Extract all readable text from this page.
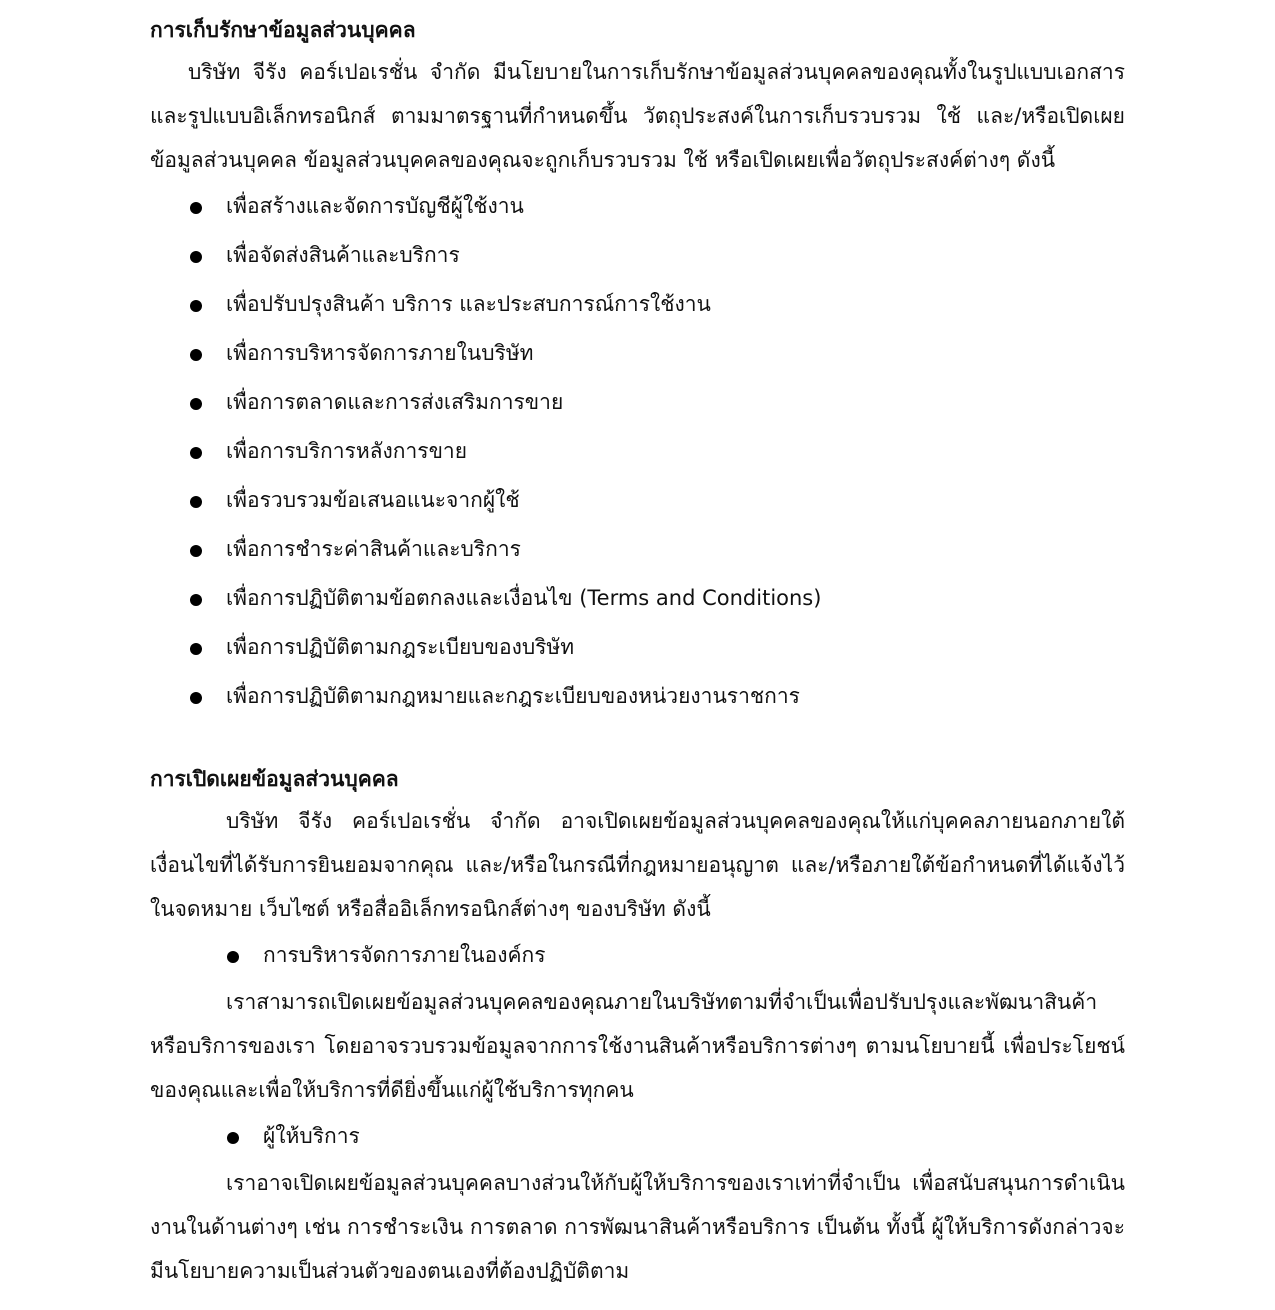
การเก็บรักษาข้อมูลส่วนบุคคล

บริษัท จีรัง คอร์เปอเรชั่น จำกัด มีนโยบายในการเก็บรักษาข้อมูลส่วนบุคคลของคุณทั้งในรูปแบบเอกสาร และรูปแบบอิเล็กทรอนิกส์ ตามมาตรฐานที่กำหนดขึ้น วัตถุประสงค์ในการเก็บรวบรวม ใช้ และ/หรือเปิดเผยข้อมูลส่วนบุคคล ข้อมูลส่วนบุคคลของคุณจะถูกเก็บรวบรวม ใช้ หรือเปิดเผยเพื่อวัตถุประสงค์ต่างๆ ดังนี้

เพื่อสร้างและจัดการบัญชีผู้ใช้งาน
เพื่อจัดส่งสินค้าและบริการ
เพื่อปรับปรุงสินค้า บริการ และประสบการณ์การใช้งาน
เพื่อการบริหารจัดการภายในบริษัท
เพื่อการตลาดและการส่งเสริมการขาย
เพื่อการบริการหลังการขาย
เพื่อรวบรวมข้อเสนอแนะจากผู้ใช้
เพื่อการชำระค่าสินค้าและบริการ
เพื่อการปฏิบัติตามข้อตกลงและเงื่อนไข (Terms and Conditions)
เพื่อการปฏิบัติตามกฎระเบียบของบริษัท
เพื่อการปฏิบัติตามกฎหมายและกฎระเบียบของหน่วยงานราชการ
การเปิดเผยข้อมูลส่วนบุคคล

บริษัท จีรัง คอร์เปอเรชั่น จำกัด อาจเปิดเผยข้อมูลส่วนบุคคลของคุณให้แก่บุคคลภายนอกภายใต้เงื่อนไขที่ได้รับการยินยอมจากคุณ และ/หรือในกรณีที่กฎหมายอนุญาต และ/หรือภายใต้ข้อกำหนดที่ได้แจ้งไว้ในจดหมาย เว็บไซต์ หรือสื่ออิเล็กทรอนิกส์ต่างๆ ของบริษัท ดังนี้

การบริหารจัดการภายในองค์กร

เราสามารถเปิดเผยข้อมูลส่วนบุคคลของคุณภายในบริษัทตามที่จำเป็นเพื่อปรับปรุงและพัฒนาสินค้าหรือบริการของเรา โดยอาจรวบรวมข้อมูลจากการใช้งานสินค้าหรือบริการต่างๆ ตามนโยบายนี้ เพื่อประโยชน์ของคุณและเพื่อให้บริการที่ดียิ่งขึ้นแก่ผู้ใช้บริการทุกคน

ผู้ให้บริการ

เราอาจเปิดเผยข้อมูลส่วนบุคคลบางส่วนให้กับผู้ให้บริการของเราเท่าที่จำเป็น เพื่อสนับสนุนการดำเนินงานในด้านต่างๆ เช่น การชำระเงิน การตลาด การพัฒนาสินค้าหรือบริการ เป็นต้น ทั้งนี้ ผู้ให้บริการดังกล่าวจะมีนโยบายความเป็นส่วนตัวของตนเองที่ต้องปฏิบัติตาม
